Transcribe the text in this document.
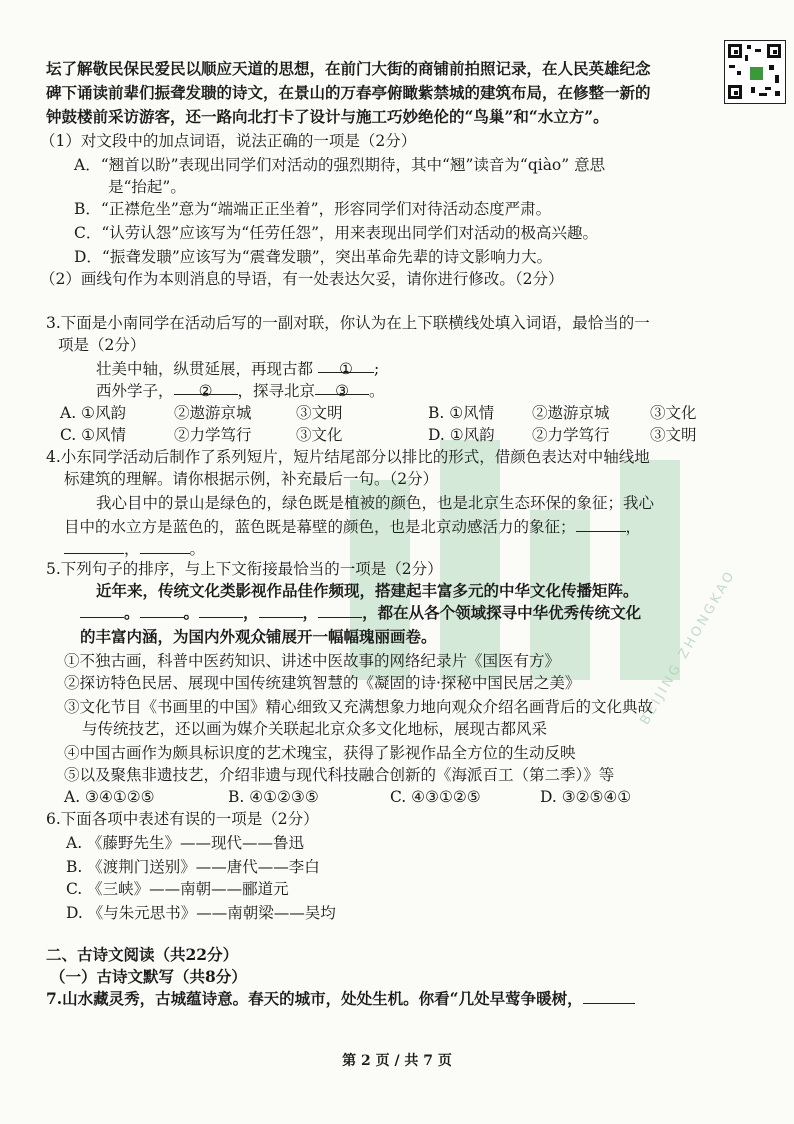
BEIJING ZHONGKAO
坛了解敬民保民爱民以顺应天道的思想，在前门大街的商铺前拍照记录，在人民英雄纪念
碑下诵读前辈们振聋发聩的诗文，在景山的万春亭俯瞰紫禁城的建筑布局，在修整一新的
钟鼓楼前采访游客，还一路向北打卡了设计与施工巧妙绝伦的“鸟巢”和“水立方”。
（1）对文段中的加点词语，说法正确的一项是（2分）
A．“翘首以盼”表现出同学们对活动的强烈期待，其中“翘”读音为“qiào” 意思
是“抬起”。
B．“正襟危坐”意为“端端正正坐着”，形容同学们对待活动态度严肃。
C．“认劳认怨”应该写为“任劳任怨”，用来表现出同学们对活动的极高兴趣。
D．“振聋发聩”应该写为“震聋发聩”，突出革命先辈的诗文影响力大。
（2）画线句作为本则消息的导语，有一处表达欠妥，请你进行修改。（2分）
3.下面是小南同学在活动后写的一副对联，你认为在上下联横线处填入词语，最恰当的一
项是（2分）
壮美中轴，纵贯延展，再现古都 ① ;
西外学子， ② ，探寻北京 ③ 。
A. ①风韵	②遨游京城	③文明	B. ①风情 ②遨游京城	③文化
C. ①风情	②力学笃行	③文化	D. ①风韵 ②力学笃行	③文明
4.小东同学活动后制作了系列短片，短片结尾部分以排比的形式，借颜色表达对中轴线地
标建筑的理解。请你根据示例，补充最后一句。（2分）
我心目中的景山是绿色的，绿色既是植被的颜色，也是北京生态环保的象征；我心
目中的水立方是蓝色的，蓝色既是幕壁的颜色，也是北京动感活力的象征；	，
，	。
5.下列句子的排序，与上下文衔接最恰当的一项是（2分）
近年来，传统文化类影视作品佳作频现，搭建起丰富多元的中华文化传播矩阵。
。	。	，	，	，都在从各个领域探寻中华优秀传统文化
的丰富内涵，为国内外观众铺展开一幅幅瑰丽画卷。
①不独古画，科普中医药知识、讲述中医故事的网络纪录片《国医有方》
②探访特色民居、展现中国传统建筑智慧的《凝固的诗·探秘中国民居之美》
③文化节目《书画里的中国》精心细致又充满想象力地向观众介绍名画背后的文化典故
与传统技艺，还以画为媒介关联起北京众多文化地标，展现古都风采
④中国古画作为颇具标识度的艺术瑰宝，获得了影视作品全方位的生动反映
⑤以及聚焦非遗技艺，介绍非遗与现代科技融合创新的《海派百工（第二季）》等
A. ③④①②⑤	B. ④①②③⑤	C. ④③①②⑤	D. ③②⑤④①
6.下面各项中表述有误的一项是（2分）
A. 《藤野先生》——现代——鲁迅
B. 《渡荆门送别》——唐代——李白
C. 《三峡》——南朝——郦道元
D. 《与朱元思书》——南朝梁——吴均
二、古诗文阅读（共22分）
（一）古诗文默写（共8分）
7.山水藏灵秀，古城蕴诗意。春天的城市，处处生机。你看“几处早莺争暖树，
第 2 页 / 共 7 页
